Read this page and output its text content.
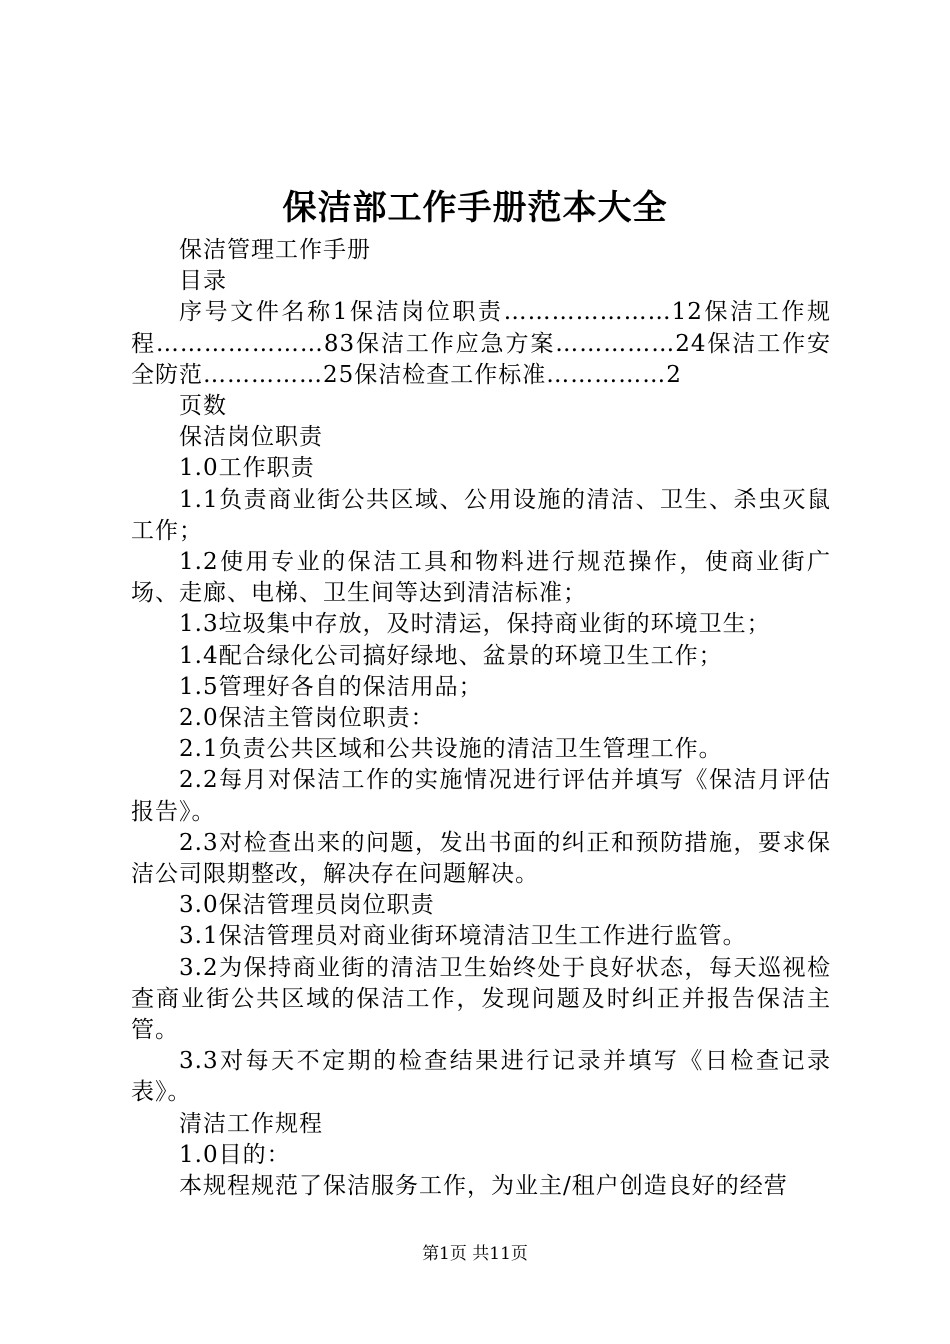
保洁部工作手册范本大全

保洁管理工作手册

目录

序号文件名称1保洁岗位职责…………………12保洁工作规程…………………83保洁工作应急方案……………24保洁工作安全防范……………25保洁检查工作标准……………2

页数

保洁岗位职责

1.0工作职责

1.1负责商业街公共区域、公用设施的清洁、卫生、杀虫灭鼠工作；

1.2使用专业的保洁工具和物料进行规范操作，使商业街广场、走廊、电梯、卫生间等达到清洁标准；

1.3垃圾集中存放，及时清运，保持商业街的环境卫生；

1.4配合绿化公司搞好绿地、盆景的环境卫生工作；

1.5管理好各自的保洁用品；

2.0保洁主管岗位职责：

2.1负责公共区域和公共设施的清洁卫生管理工作。

2.2每月对保洁工作的实施情况进行评估并填写《保洁月评估报告》。

2.3对检查出来的问题，发出书面的纠正和预防措施，要求保洁公司限期整改，解决存在问题解决。

3.0保洁管理员岗位职责

3.1保洁管理员对商业街环境清洁卫生工作进行监管。

3.2为保持商业街的清洁卫生始终处于良好状态，每天巡视检查商业街公共区域的保洁工作，发现问题及时纠正并报告保洁主管。

3.3对每天不定期的检查结果进行记录并填写《日检查记录表》。

清洁工作规程

1.0目的：

本规程规范了保洁服务工作，为业主/租户创造良好的经营

第1页 共11页
